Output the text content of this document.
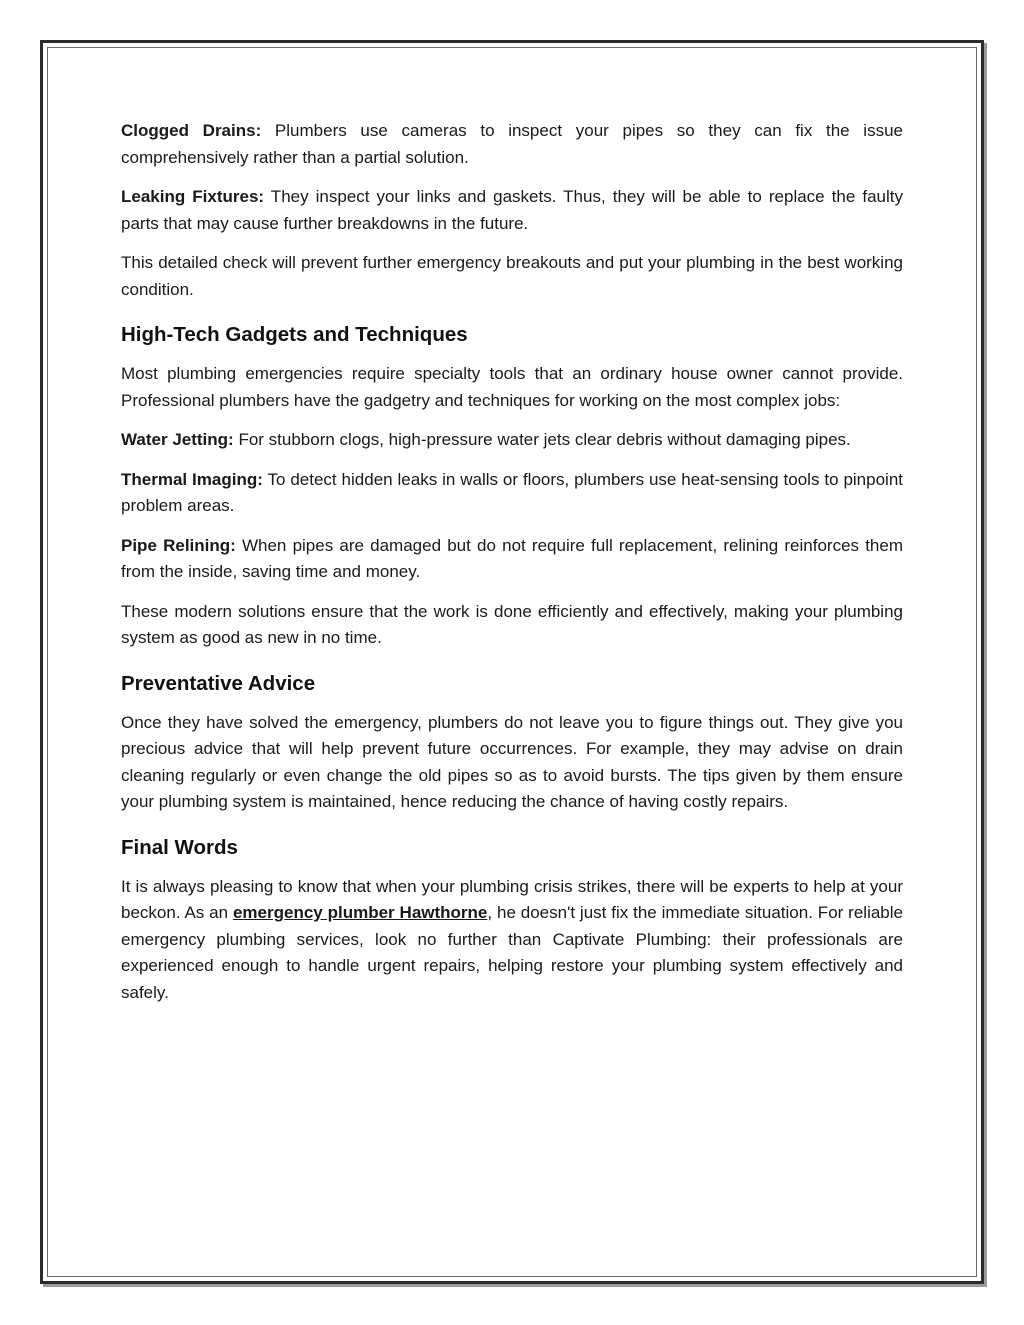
Clogged Drains: Plumbers use cameras to inspect your pipes so they can fix the issue comprehensively rather than a partial solution.

Leaking Fixtures: They inspect your links and gaskets. Thus, they will be able to replace the faulty parts that may cause further breakdowns in the future.

This detailed check will prevent further emergency breakouts and put your plumbing in the best working condition.

High-Tech Gadgets and Techniques

Most plumbing emergencies require specialty tools that an ordinary house owner cannot provide. Professional plumbers have the gadgetry and techniques for working on the most complex jobs:

Water Jetting: For stubborn clogs, high-pressure water jets clear debris without damaging pipes.

Thermal Imaging: To detect hidden leaks in walls or floors, plumbers use heat-sensing tools to pinpoint problem areas.

Pipe Relining: When pipes are damaged but do not require full replacement, relining reinforces them from the inside, saving time and money.

These modern solutions ensure that the work is done efficiently and effectively, making your plumbing system as good as new in no time.

Preventative Advice

Once they have solved the emergency, plumbers do not leave you to figure things out. They give you precious advice that will help prevent future occurrences. For example, they may advise on drain cleaning regularly or even change the old pipes so as to avoid bursts. The tips given by them ensure your plumbing system is maintained, hence reducing the chance of having costly repairs.

Final Words

It is always pleasing to know that when your plumbing crisis strikes, there will be experts to help at your beckon. As an emergency plumber Hawthorne, he doesn't just fix the immediate situation. For reliable emergency plumbing services, look no further than Captivate Plumbing: their professionals are experienced enough to handle urgent repairs, helping restore your plumbing system effectively and safely.
